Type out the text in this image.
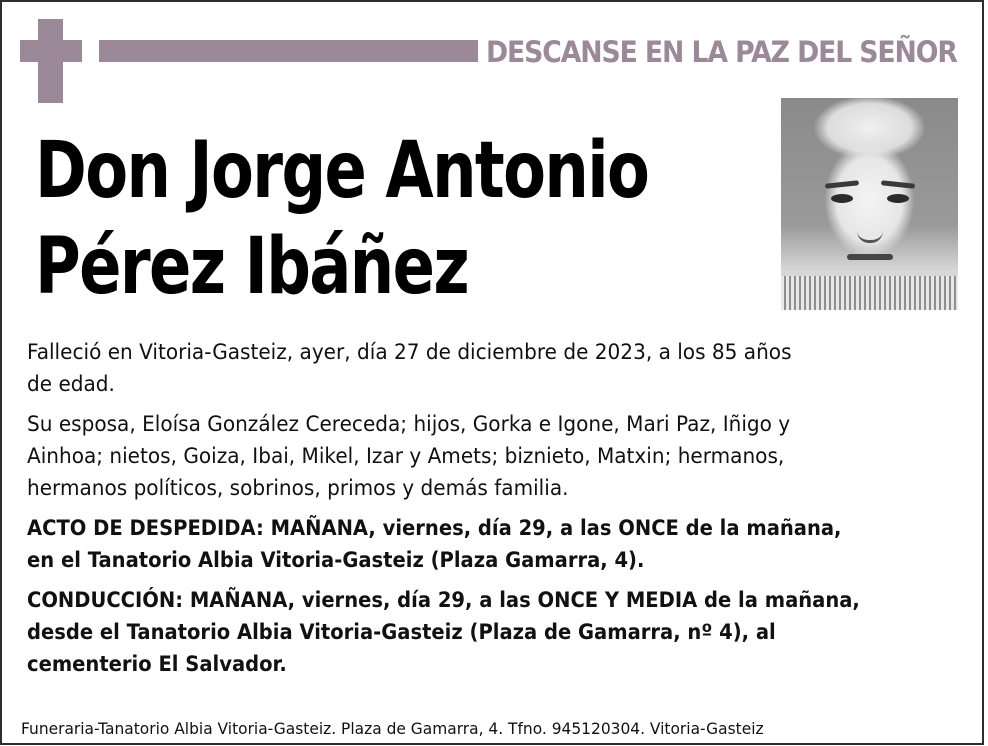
DESCANSE EN LA PAZ DEL SEÑOR
Don Jorge Antonio
Pérez Ibáñez

Falleció en Vitoria-Gasteiz, ayer, día 27 de diciembre de 2023, a los 85 años
de edad.

Su esposa, Eloísa González Cereceda; hijos, Gorka e Igone, Mari Paz, Iñigo y
Ainhoa; nietos, Goiza, Ibai, Mikel, Izar y Amets; biznieto, Matxin; hermanos,
hermanos políticos, sobrinos, primos y demás familia.

ACTO DE DESPEDIDA: MAÑANA, viernes, día 29, a las ONCE de la mañana,
en el Tanatorio Albia Vitoria-Gasteiz (Plaza Gamarra, 4).

CONDUCCIÓN: MAÑANA, viernes, día 29, a las ONCE Y MEDIA de la mañana,
desde el Tanatorio Albia Vitoria-Gasteiz (Plaza de Gamarra, nº 4), al
cementerio El Salvador.

Funeraria-Tanatorio Albia Vitoria-Gasteiz. Plaza de Gamarra, 4. Tfno. 945120304. Vitoria-Gasteiz
